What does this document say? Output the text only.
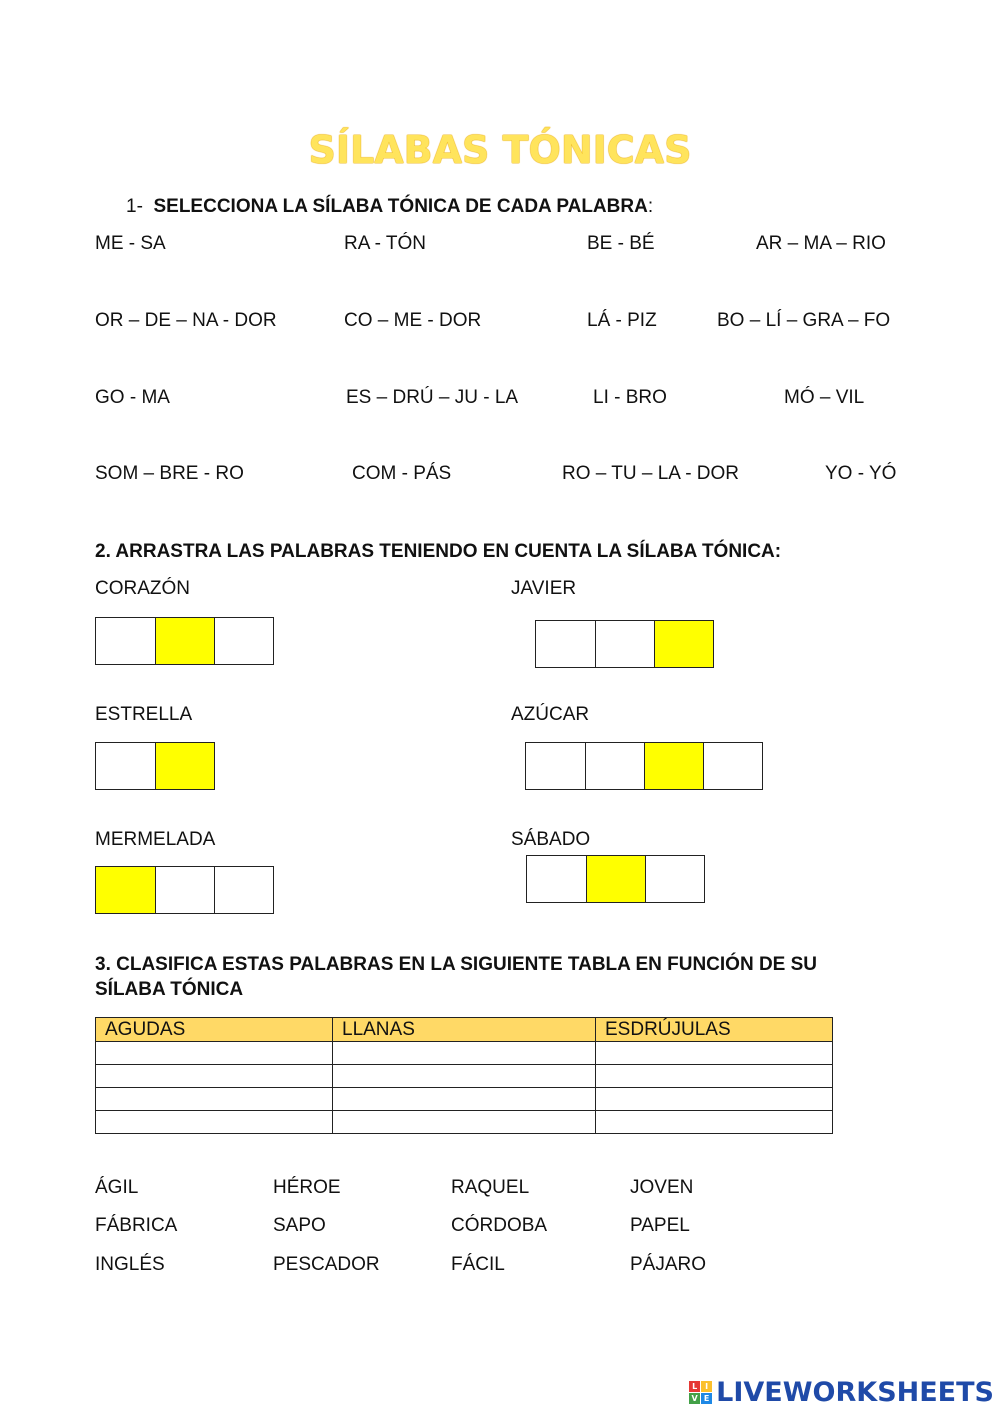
SÍLABAS TÓNICAS
1- SELECCIONA LA SÍLABA TÓNICA DE CADA PALABRA:
ME - SA	RA - TÓN	BE - BÉ	AR – MA – RIO
OR – DE – NA - DOR	CO – ME - DOR	LÁ - PIZ	BO – LÍ – GRA – FO
GO - MA	ES – DRÚ – JU - LA	LI - BRO	MÓ – VIL
SOM – BRE - RO	COM - PÁS	RO – TU – LA - DOR	YO - YÓ
2. ARRASTRA LAS PALABRAS TENIENDO EN CUENTA LA SÍLABA TÓNICA:
CORAZÓN	JAVIER
ESTRELLA	AZÚCAR
MERMELADA	SÁBADO
3. CLASIFICA ESTAS PALABRAS EN LA SIGUIENTE TABLA EN FUNCIÓN DE SU
SÍLABA TÓNICA
AGUDAS	LLANAS	ESDRÚJULAS

ÁGIL	HÉROE	RAQUEL	JOVEN
FÁBRICA	SAPO	CÓRDOBA	PAPEL
INGLÉS	PESCADOR	FÁCIL	PÁJARO
L I
V E LIVEWORKSHEETS
